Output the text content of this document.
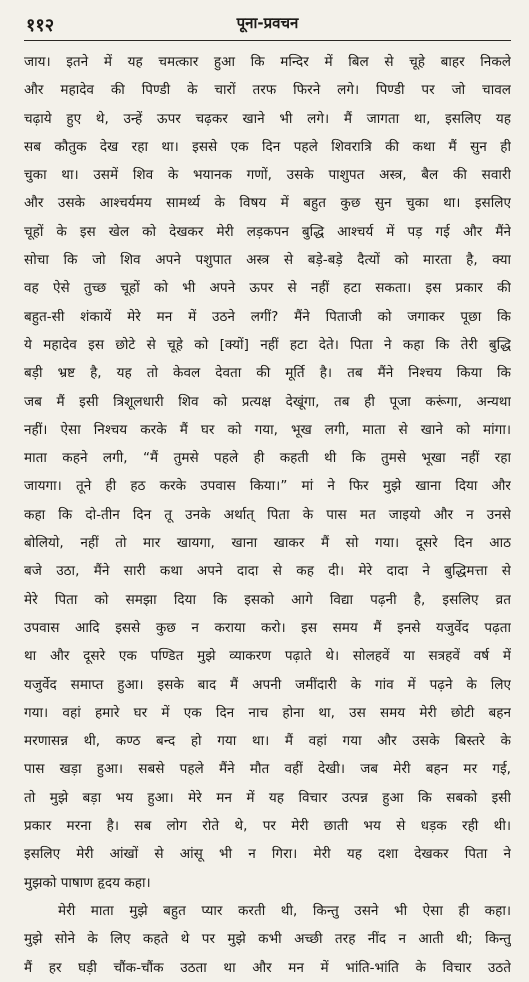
११२	पूना-प्रवचन
जाय। इतने में यह चमत्कार हुआ कि मन्दिर में बिल से चूहे बाहर निकले
और महादेव की पिण्डी के चारों तरफ फिरने लगे। पिण्डी पर जो चावल
चढ़ाये हुए थे, उन्हें ऊपर चढ़कर खाने भी लगे। मैं जागता था, इसलिए यह
सब कौतुक देख रहा था। इससे एक दिन पहले शिवरात्रि की कथा मैं सुन ही
चुका था। उसमें शिव के भयानक गणों, उसके पाशुपत अस्त्र, बैल की सवारी
और उसके आश्चर्यमय सामर्थ्य के विषय में बहुत कुछ सुन चुका था। इसलिए
चूहों के इस खेल को देखकर मेरी लड़कपन बुद्धि आश्चर्य में पड़ गई और मैंने
सोचा कि जो शिव अपने पशुपात अस्त्र से बड़े-बड़े दैत्यों को मारता है, क्या
वह ऐसे तुच्छ चूहों को भी अपने ऊपर से नहीं हटा सकता। इस प्रकार की
बहुत-सी शंकायें मेरे मन में उठने लगीं? मैंने पिताजी को जगाकर पूछा कि
ये महादेव इस छोटे से चूहे को [क्यों] नहीं हटा देते। पिता ने कहा कि तेरी बुद्धि
बड़ी भ्रष्ट है, यह तो केवल देवता की मूर्ति है। तब मैंने निश्चय किया कि
जब मैं इसी त्रिशूलधारी शिव को प्रत्यक्ष देखूंगा, तब ही पूजा करूंगा, अन्यथा
नहीं। ऐसा निश्चय करके मैं घर को गया, भूख लगी, माता से खाने को मांगा।
माता कहने लगी, “मैं तुमसे पहले ही कहती थी कि तुमसे भूखा नहीं रहा
जायगा। तूने ही हठ करके उपवास किया।” मां ने फिर मुझे खाना दिया और
कहा कि दो-तीन दिन तू उनके अर्थात्‌ पिता के पास मत जाइयो और न उनसे
बोलियो, नहीं तो मार खायगा, खाना खाकर मैं सो गया। दूसरे दिन आठ
बजे उठा, मैंने सारी कथा अपने दादा से कह दी। मेरे दादा ने बुद्धिमत्ता से
मेरे पिता को समझा दिया कि इसको आगे विद्या पढ़नी है, इसलिए व्रत
उपवास आदि इससे कुछ न कराया करो। इस समय मैं इनसे यजुर्वेद पढ़ता
था और दूसरे एक पण्डित मुझे व्याकरण पढ़ाते थे। सोलहवें या सत्रहवें वर्ष में
यजुर्वेद समाप्त हुआ। इसके बाद मैं अपनी जमींदारी के गांव में पढ़ने के लिए
गया। वहां हमारे घर में एक दिन नाच होना था, उस समय मेरी छोटी बहन
मरणासन्न थी, कण्ठ बन्द हो गया था। मैं वहां गया और उसके बिस्तरे के
पास खड़ा हुआ। सबसे पहले मैंने मौत वहीं देखी। जब मेरी बहन मर गई,
तो मुझे बड़ा भय हुआ। मेरे मन में यह विचार उत्पन्न हुआ कि सबको इसी
प्रकार मरना है। सब लोग रोते थे, पर मेरी छाती भय से धड़क रही थी।
इसलिए मेरी आंखों से आंसू भी न गिरा। मेरी यह दशा देखकर पिता ने
मुझको पाषाण हृदय कहा।
मेरी माता मुझे बहुत प्यार करती थी, किन्तु उसने भी ऐसा ही कहा।
मुझे सोने के लिए कहते थे पर मुझे कभी अच्छी तरह नींद न आती थी; किन्तु
मैं हर घड़ी चौंक-चौंक उठता था और मन में भांति-भांति के विचार उठते
